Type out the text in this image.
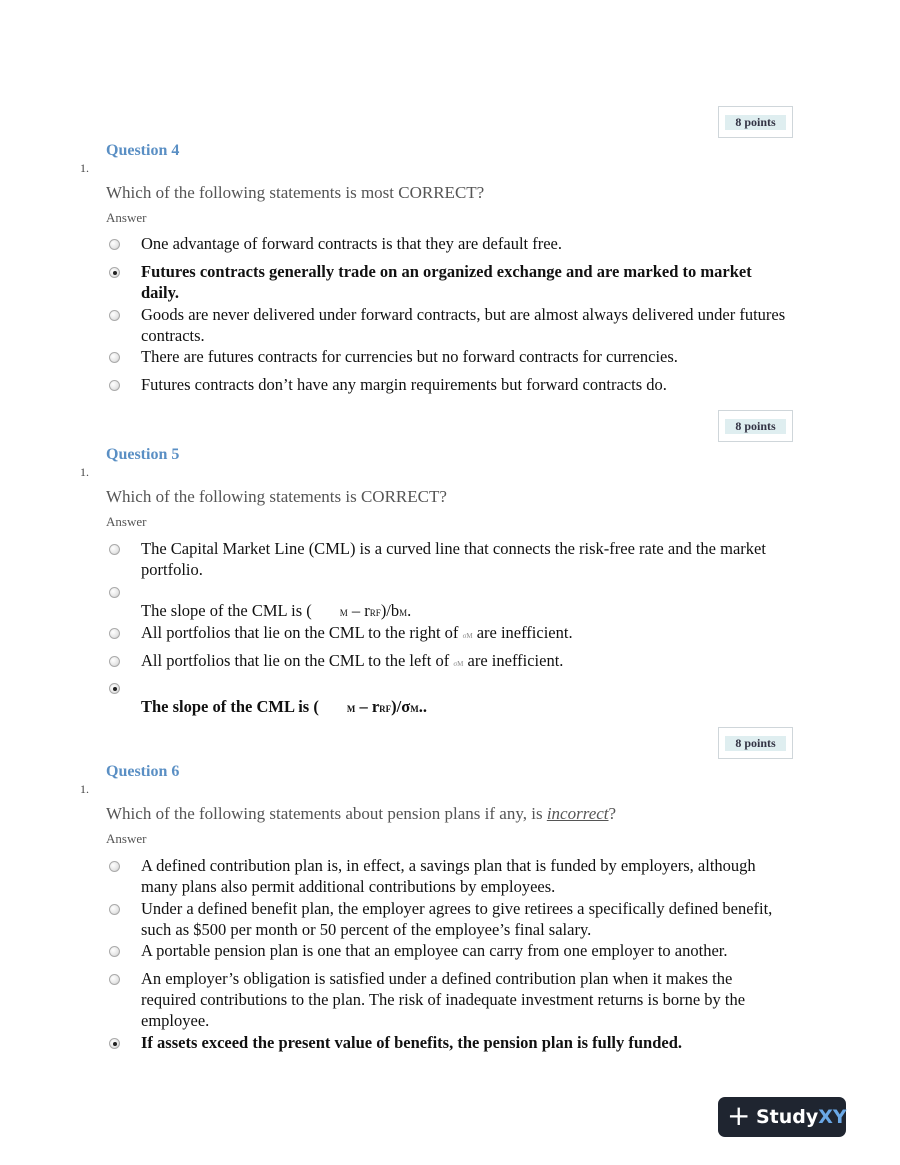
8 points
Question 4
1.
Which of the following statements is most CORRECT?
Answer
One advantage of forward contracts is that they are default free.
Futures contracts generally trade on an organized exchange and are marked to market daily.
Goods are never delivered under forward contracts, but are almost always delivered under futures contracts.
There are futures contracts for currencies but no forward contracts for currencies.
Futures contracts don’t have any margin requirements but forward contracts do.
8 points
Question 5
1.
Which of the following statements is CORRECT?
Answer
The Capital Market Line (CML) is a curved line that connects the risk-free rate and the market portfolio.
The slope of the CML is (	M – rRF)/bM.
All portfolios that lie on the CML to the right of σM are inefficient.
All portfolios that lie on the CML to the left of σM are inefficient.
The slope of the CML is (	M – rRF)/σM..
8 points
Question 6
1.
Which of the following statements about pension plans if any, is incorrect?
Answer
A defined contribution plan is, in effect, a savings plan that is funded by employers, although many plans also permit additional contributions by employees.
Under a defined benefit plan, the employer agrees to give retirees a specifically defined benefit, such as $500 per month or 50 percent of the employee’s final salary.
A portable pension plan is one that an employee can carry from one employer to another.
An employer’s obligation is satisfied under a defined contribution plan when it makes the required contributions to the plan. The risk of inadequate investment returns is borne by the employee.
If assets exceed the present value of benefits, the pension plan is fully funded.
+ StudyXY
